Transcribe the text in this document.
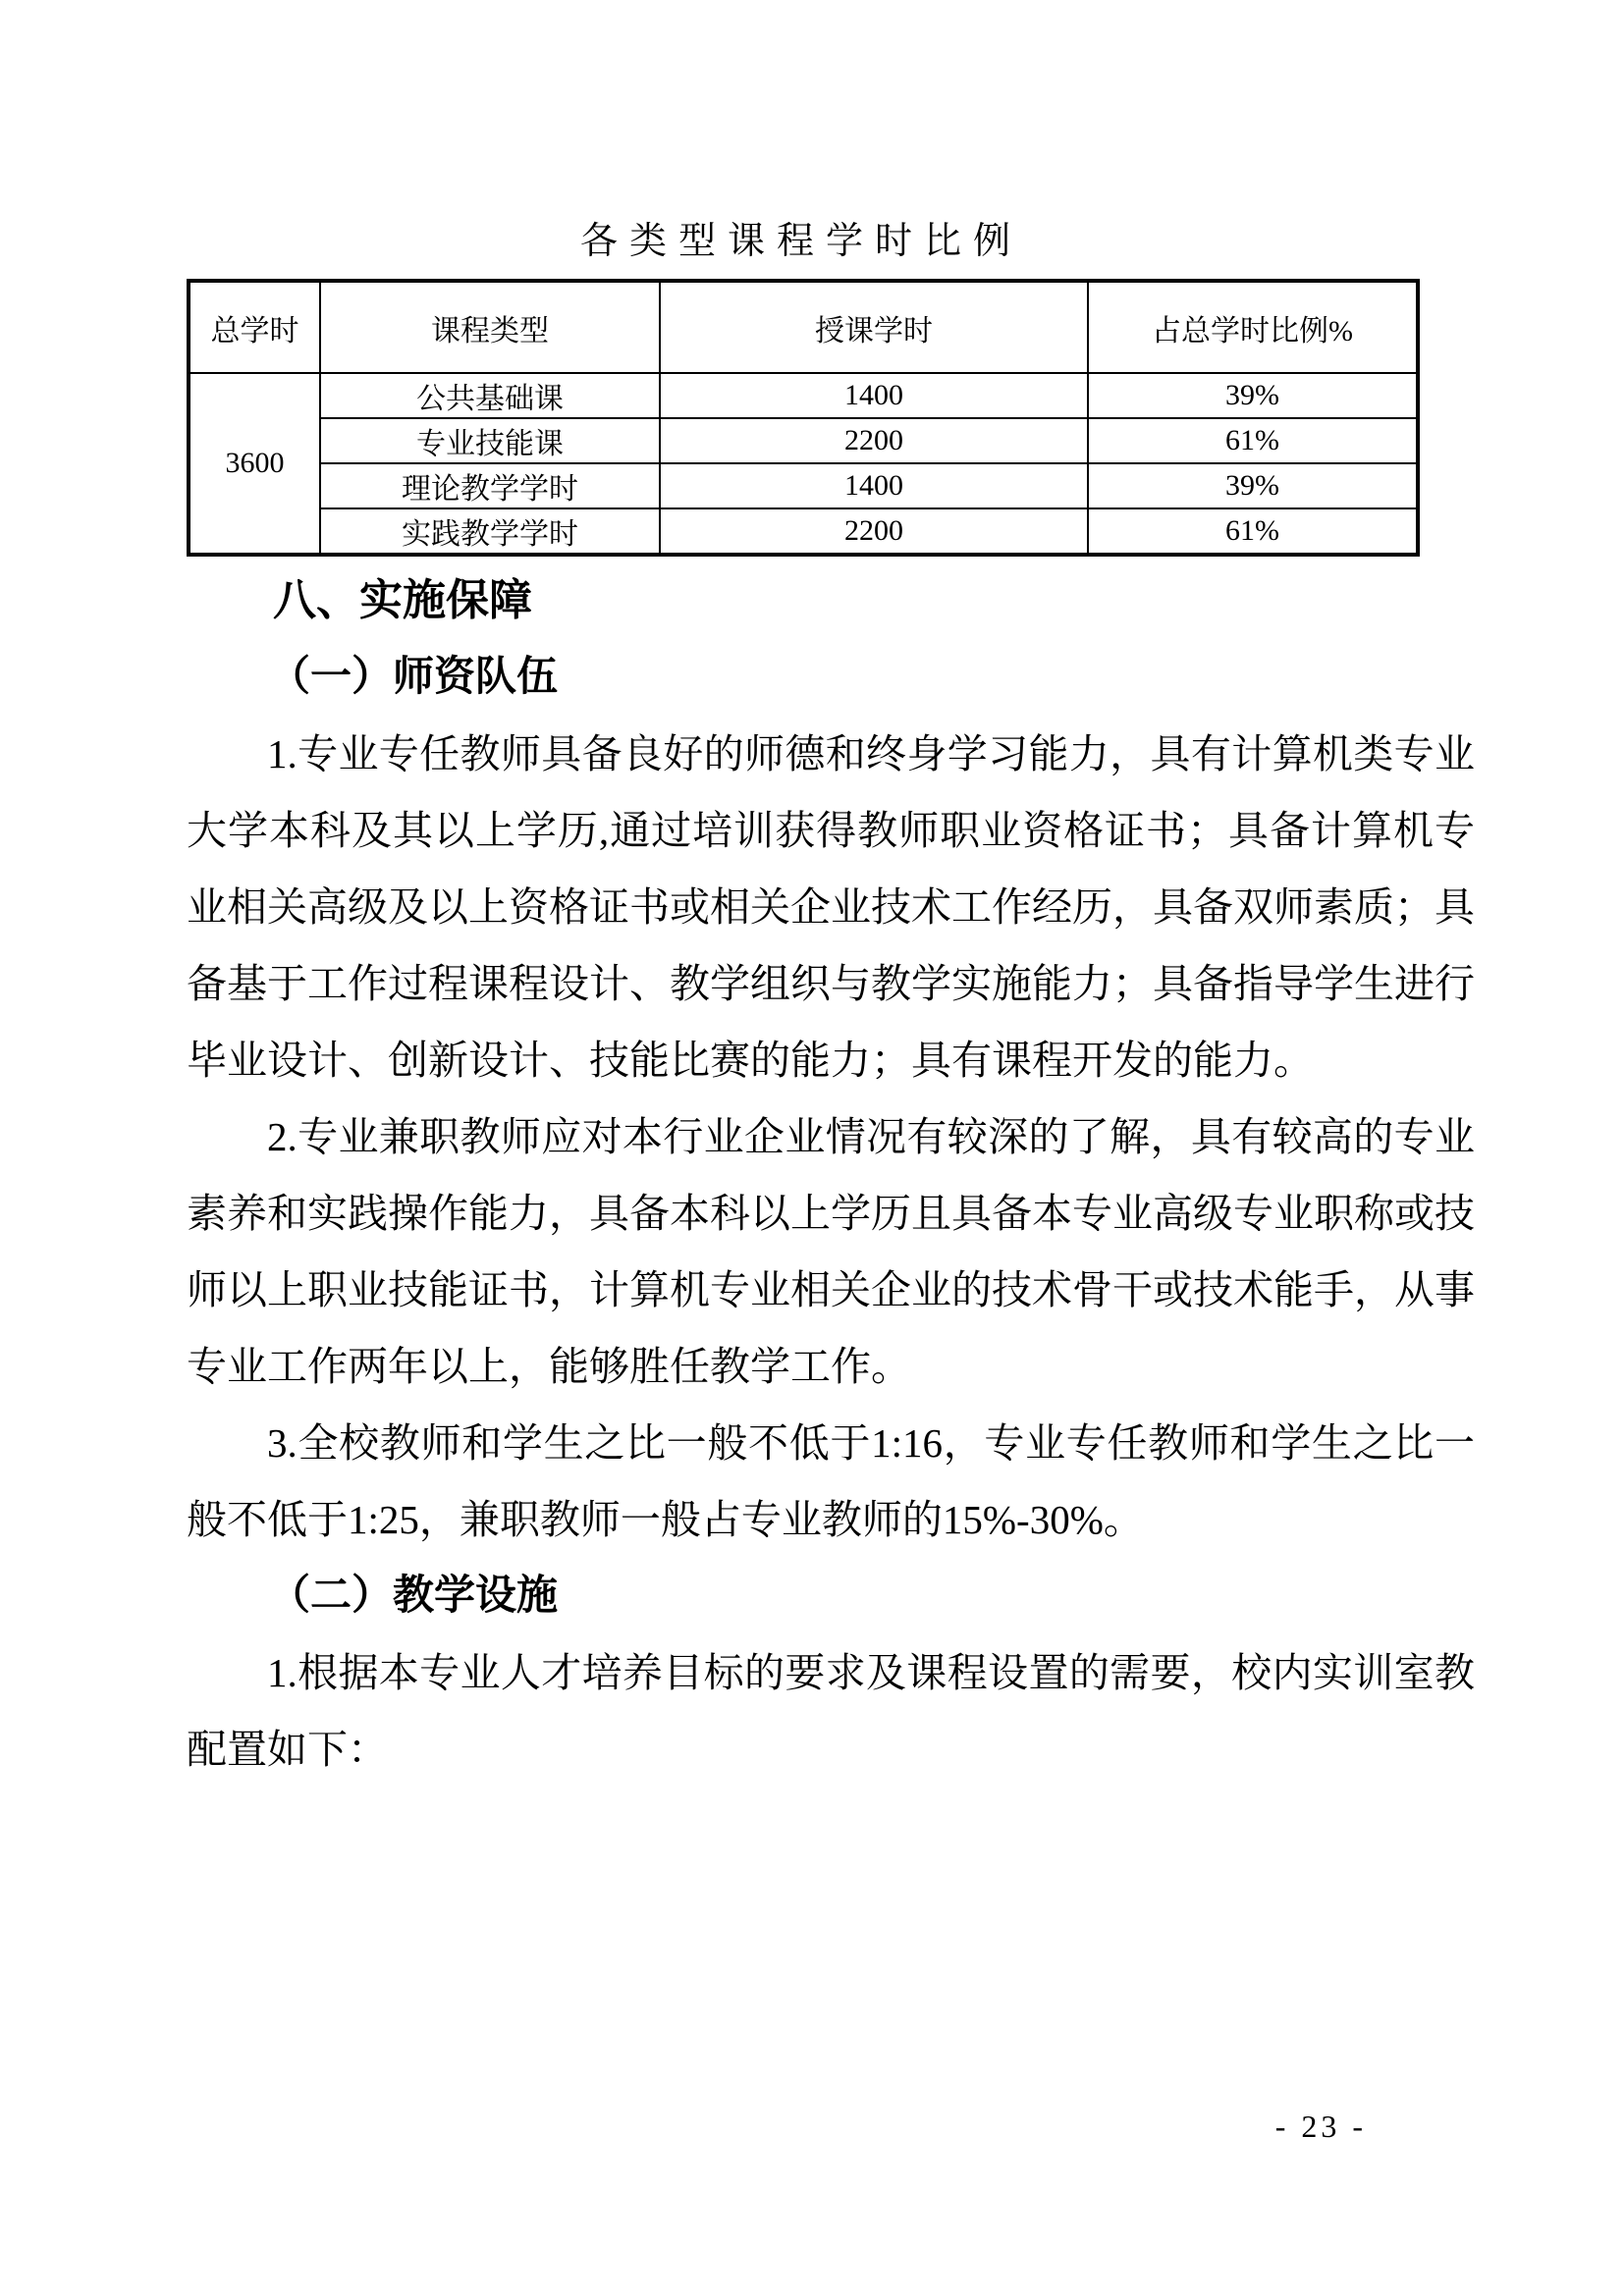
各类型课程学时比例
总学时	课程类型	授课学时	占总学时比例%
3600	公共基础课	1400	39%
	专业技能课	2200	61%
	理论教学学时	1400	39%
	实践教学学时	2200	61%
八、实施保障
（一）师资队伍

1.专业专任教师具备良好的师德和终身学习能力，具有计算机类专业大学本科及其以上学历,通过培训获得教师职业资格证书；具备计算机专业相关高级及以上资格证书或相关企业技术工作经历，具备双师素质；具备基于工作过程课程设计、教学组织与教学实施能力；具备指导学生进行毕业设计、创新设计、技能比赛的能力；具有课程开发的能力。

2.专业兼职教师应对本行业企业情况有较深的了解，具有较高的专业素养和实践操作能力，具备本科以上学历且具备本专业高级专业职称或技师以上职业技能证书，计算机专业相关企业的技术骨干或技术能手，从事专业工作两年以上，能够胜任教学工作。

3.全校教师和学生之比一般不低于1:16，专业专任教师和学生之比一般不低于1:25，兼职教师一般占专业教师的15%-30%。

（二）教学设施

1.根据本专业人才培养目标的要求及课程设置的需要，校内实训室教配置如下：

- 23 -
